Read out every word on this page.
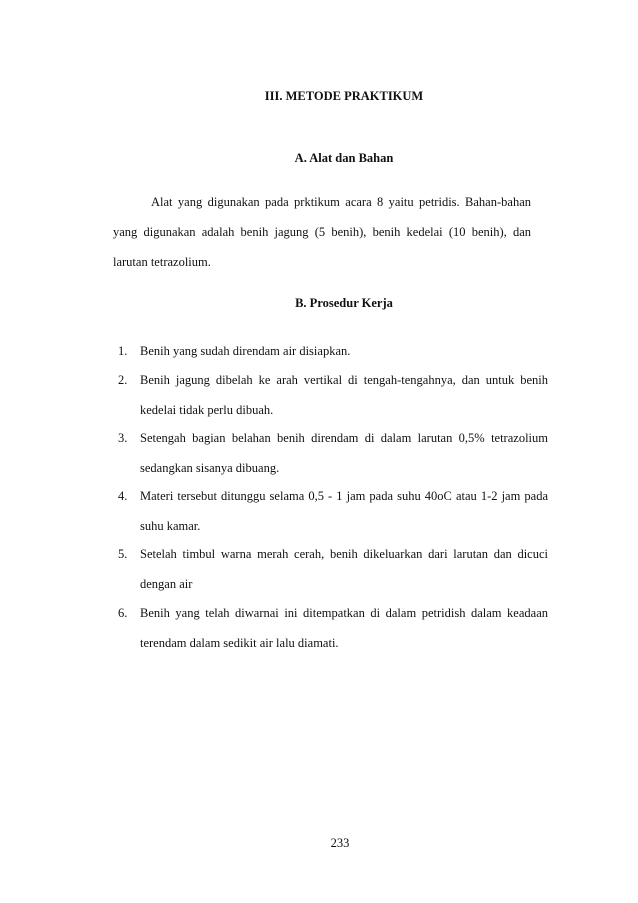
III. METODE PRAKTIKUM
A. Alat dan Bahan
Alat yang digunakan pada prktikum acara 8 yaitu petridis. Bahan-bahan
yang digunakan adalah benih jagung (5 benih), benih kedelai (10 benih), dan
larutan tetrazolium.
B. Prosedur Kerja
1. Benih yang sudah direndam air disiapkan.
2. Benih jagung dibelah ke arah vertikal di tengah-tengahnya, dan untuk benih
kedelai tidak perlu dibuah.
3. Setengah bagian belahan benih direndam di dalam larutan 0,5% tetrazolium
sedangkan sisanya dibuang.
4. Materi tersebut ditunggu selama 0,5 - 1 jam pada suhu 40oC atau 1-2 jam pada
suhu kamar.
5. Setelah timbul warna merah cerah, benih dikeluarkan dari larutan dan dicuci
dengan air
6. Benih yang telah diwarnai ini ditempatkan di dalam petridish dalam keadaan
terendam dalam sedikit air lalu diamati.
233
